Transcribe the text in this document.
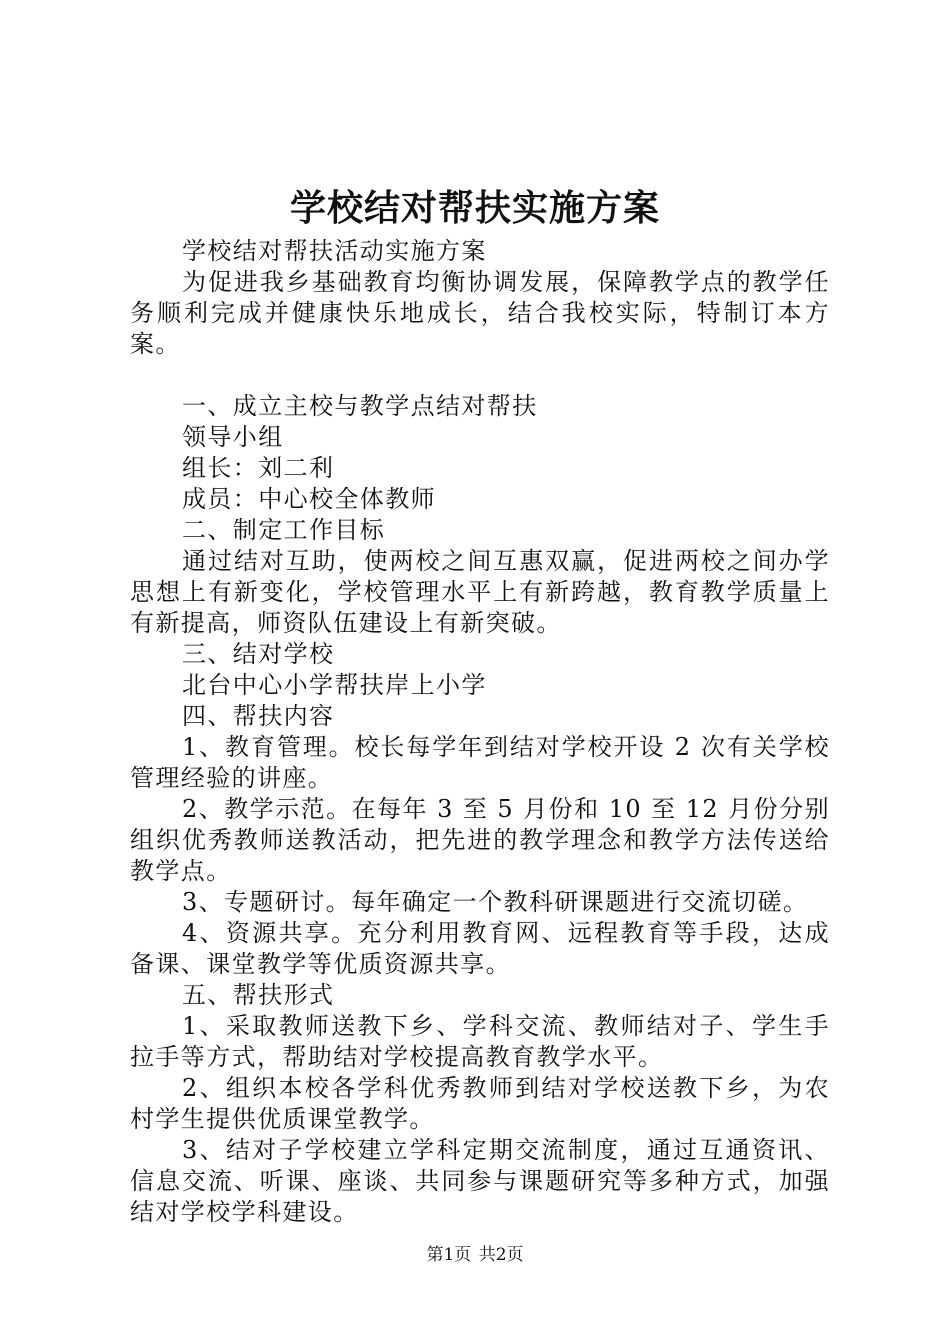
学校结对帮扶实施方案

学校结对帮扶活动实施方案

为促进我乡基础教育均衡协调发展，保障教学点的教学任务顺利完成并健康快乐地成长，结合我校实际，特制订本方案。

一、成立主校与教学点结对帮扶

领导小组

组长：刘二利

成员：中心校全体教师

二、制定工作目标

通过结对互助，使两校之间互惠双赢，促进两校之间办学思想上有新变化，学校管理水平上有新跨越，教育教学质量上有新提高，师资队伍建设上有新突破。

三、结对学校

北台中心小学帮扶岸上小学

四、帮扶内容

1、教育管理。校长每学年到结对学校开设 2 次有关学校管理经验的讲座。

2、教学示范。在每年 3 至 5 月份和 10 至 12 月份分别组织优秀教师送教活动，把先进的教学理念和教学方法传送给教学点。

3、专题研讨。每年确定一个教科研课题进行交流切磋。

4、资源共享。充分利用教育网、远程教育等手段，达成备课、课堂教学等优质资源共享。

五、帮扶形式

1、采取教师送教下乡、学科交流、教师结对子、学生手拉手等方式，帮助结对学校提高教育教学水平。

2、组织本校各学科优秀教师到结对学校送教下乡，为农村学生提供优质课堂教学。

3、结对子学校建立学科定期交流制度，通过互通资讯、信息交流、听课、座谈、共同参与课题研究等多种方式，加强结对学校学科建设。

第1页 共2页
